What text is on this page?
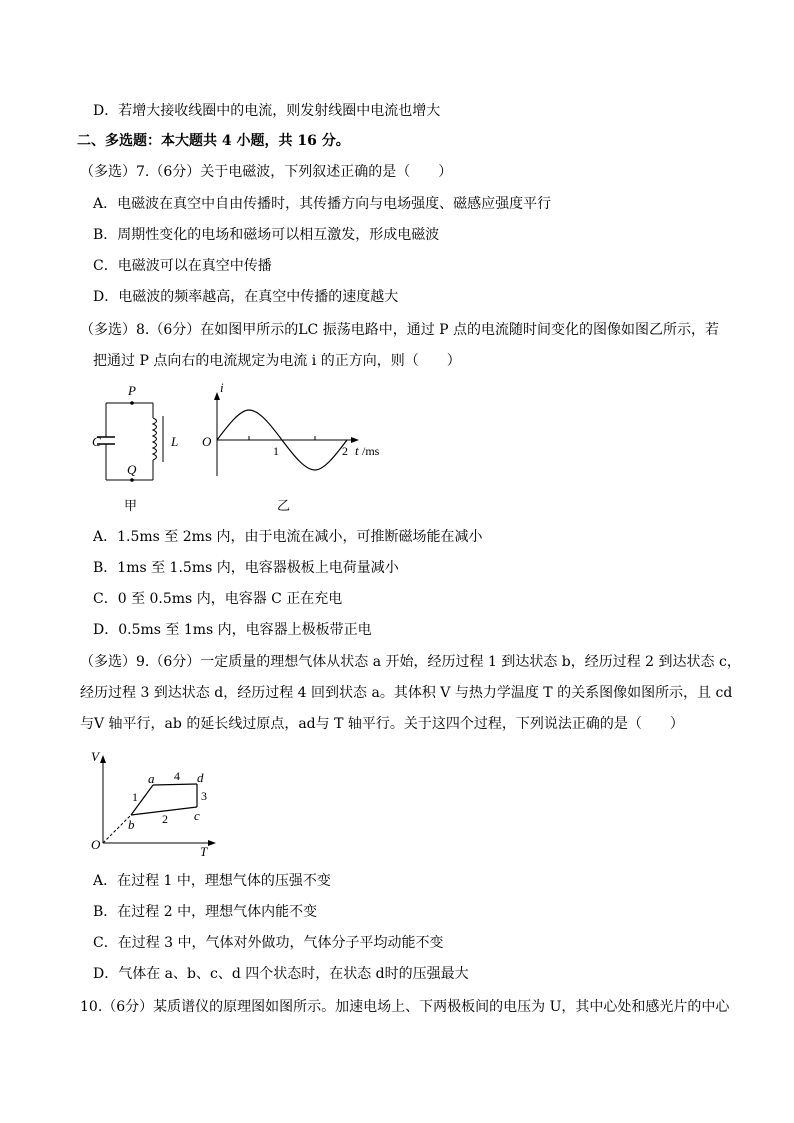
D．若增大接收线圈中的电流，则发射线圈中电流也增大
二、多选题：本大题共 4 小题，共 16 分。
（多选）7.（6分）关于电磁波，下列叙述正确的是（　　）
A．电磁波在真空中自由传播时，其传播方向与电场强度、磁感应强度平行
B．周期性变化的电场和磁场可以相互激发，形成电磁波
C．电磁波可以在真空中传播
D．电磁波的频率越高，在真空中传播的速度越大
（多选）8.（6分）在如图甲所示的LC 振荡电路中，通过 P 点的电流随时间变化的图像如图乙所示，若
把通过 P 点向右的电流规定为电流 i 的正方向，则（　　）
P
Q
C	L
甲
i
O
1	2 t /ms
乙
A．1.5ms 至 2ms 内，由于电流在减小，可推断磁场能在减小
B．1ms 至 1.5ms 内，电容器极板上电荷量减小
C．0 至 0.5ms 内，电容器 C 正在充电
D．0.5ms 至 1ms 内，电容器上极板带正电
（多选）9.（6分）一定质量的理想气体从状态 a 开始，经历过程 1 到达状态 b，经历过程 2 到达状态 c，
经历过程 3 到达状态 d，经历过程 4 回到状态 a。其体积 V 与热力学温度 T 的关系图像如图所示，且 cd
与V 轴平行，ab 的延长线过原点，ad与 T 轴平行。关于这四个过程，下列说法正确的是（　　）
V
T
O
a
b
c
d
1
2
3
4
A．在过程 1 中，理想气体的压强不变
B．在过程 2 中，理想气体内能不变
C．在过程 3 中，气体对外做功，气体分子平均动能不变
D．气体在 a、b、c、d 四个状态时，在状态 d时的压强最大
10.（6分）某质谱仪的原理图如图所示。加速电场上、下两极板间的电压为 U，其中心处和感光片的中心
